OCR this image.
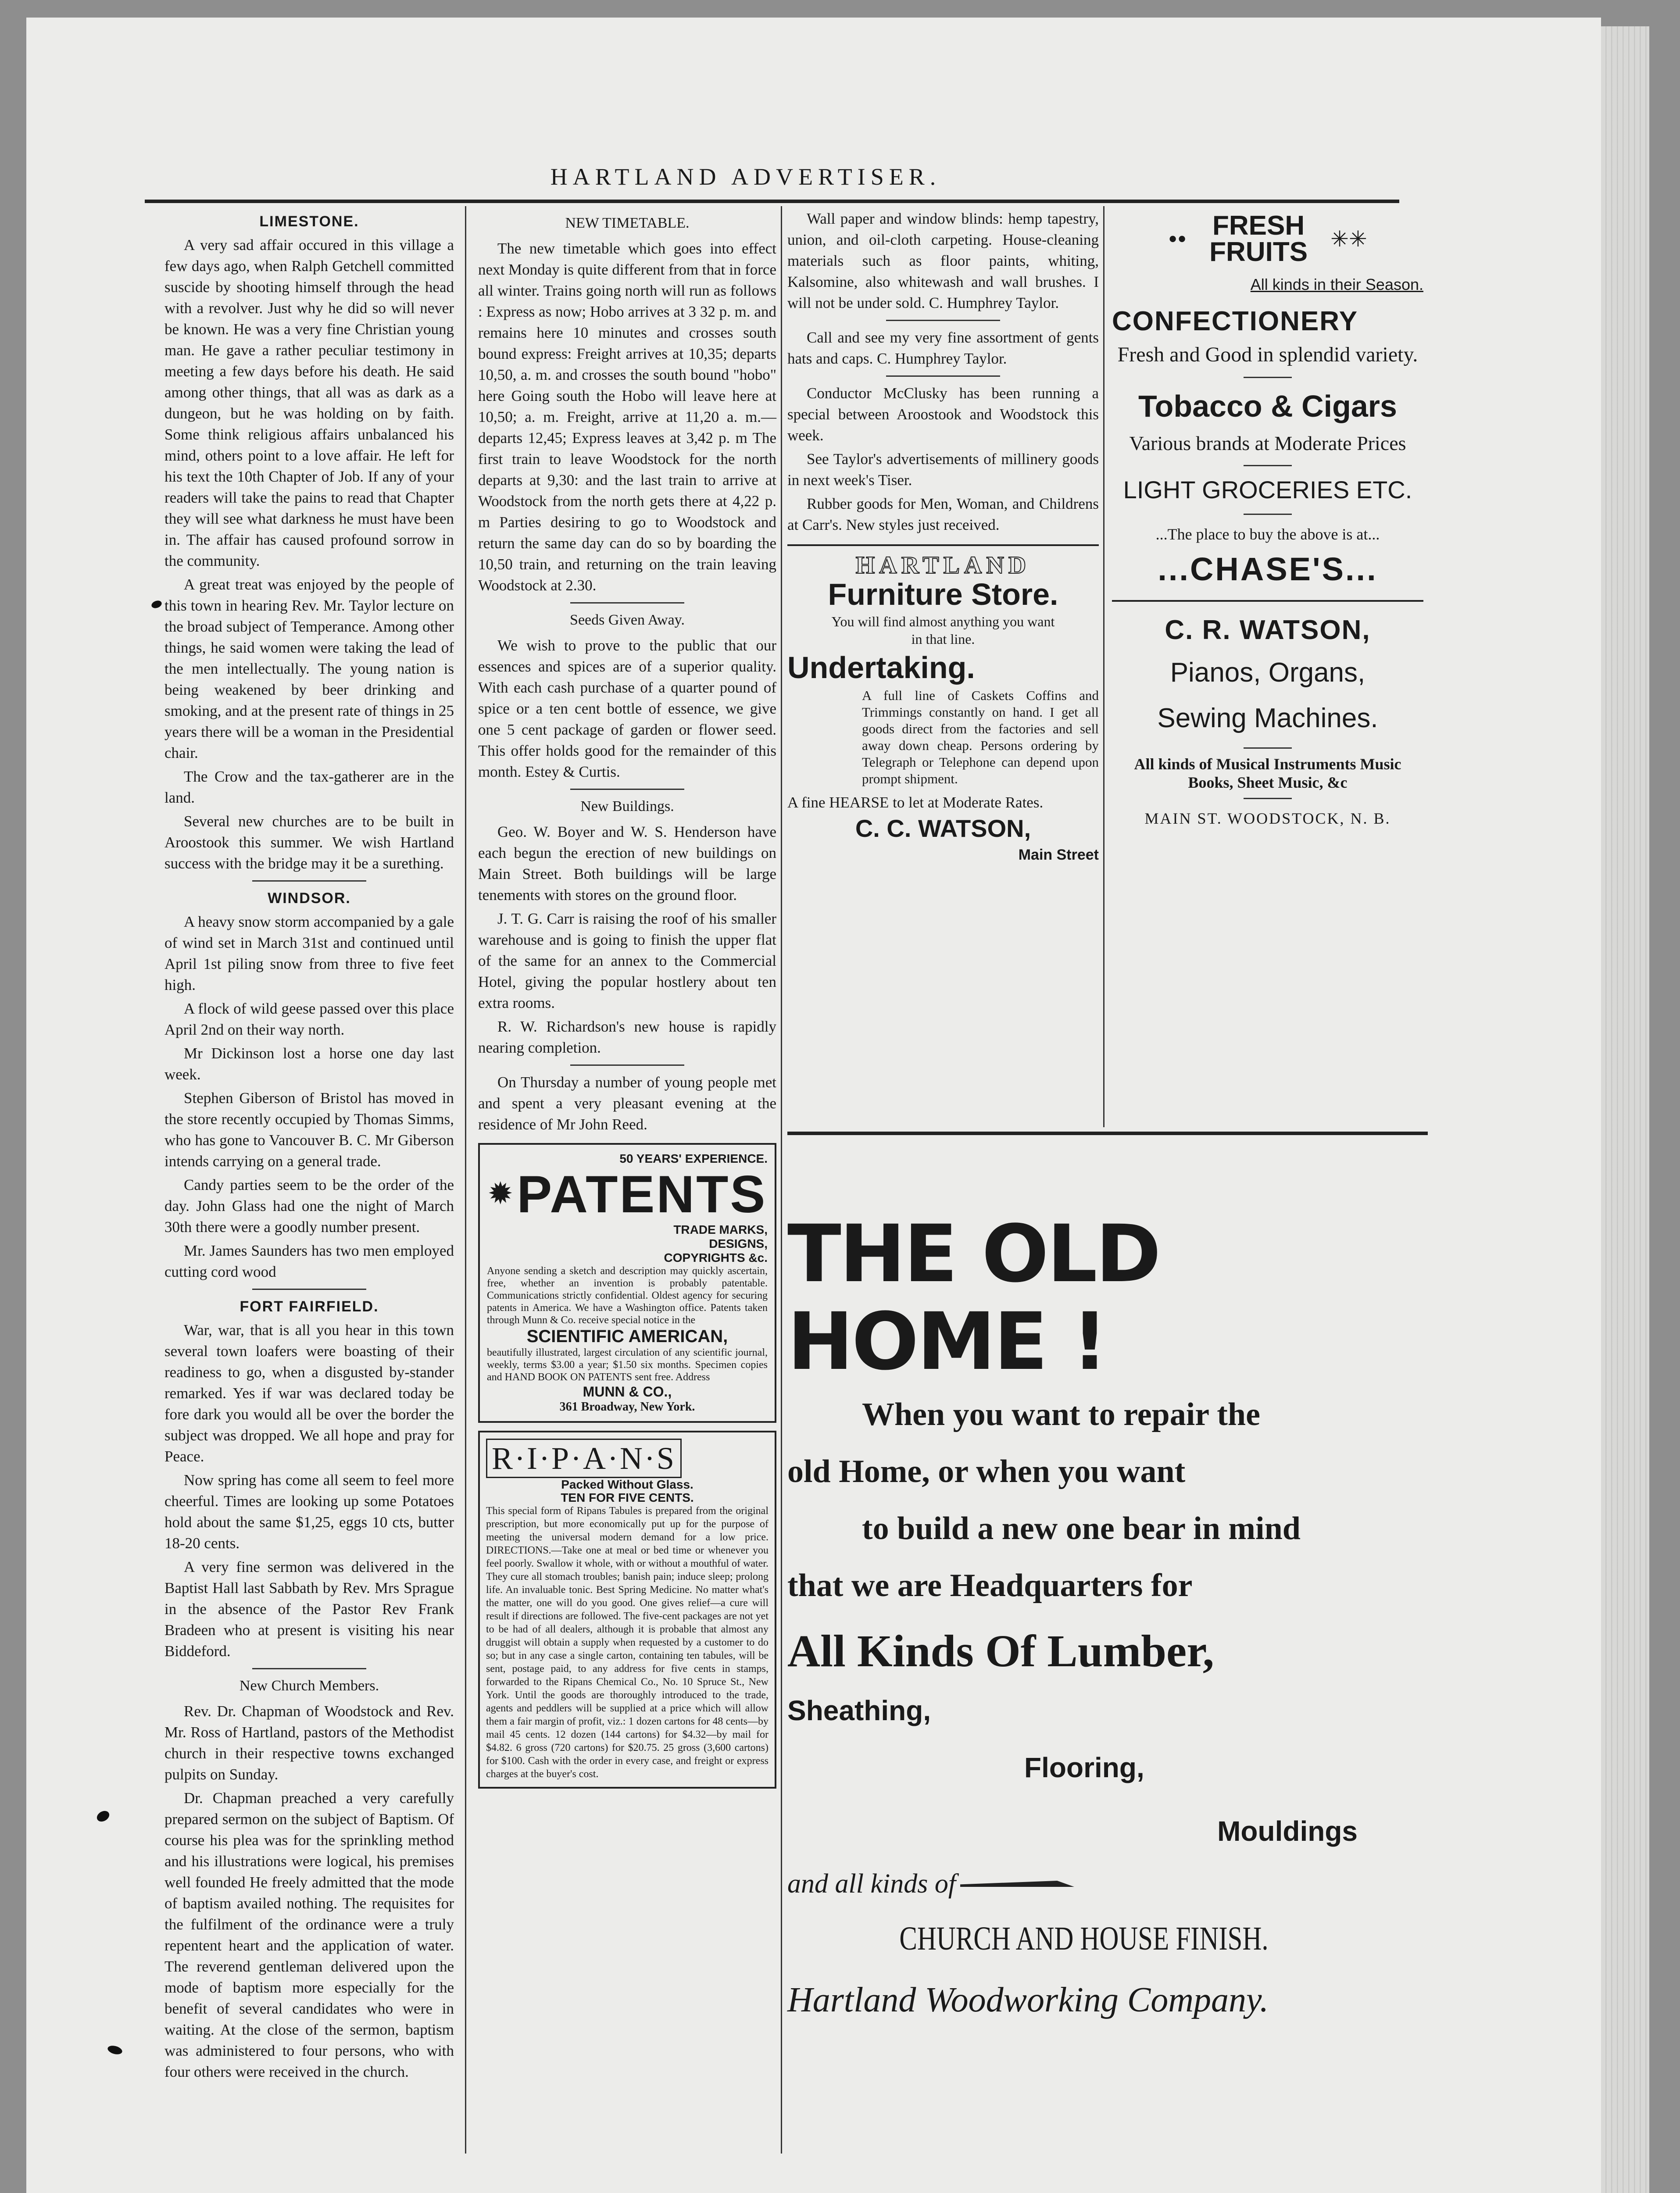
HARTLAND ADVERTISER.
LIMESTONE.

A very sad affair occured in this village a few days ago, when Ralph Getchell committed suscide by shooting himself through the head with a revolver. Just why he did so will never be known. He was a very fine Christian young man. He gave a rather peculiar testimony in meeting a few days before his death. He said among other things, that all was as dark as a dungeon, but he was holding on by faith. Some think religious affairs unbalanced his mind, others point to a love affair. He left for his text the 10th Chapter of Job. If any of your readers will take the pains to read that Chapter they will see what darkness he must have been in. The affair has caused profound sorrow in the community.

A great treat was enjoyed by the people of this town in hearing Rev. Mr. Taylor lecture on the broad subject of Temperance. Among other things, he said women were taking the lead of the men intellectually. The young nation is being weakened by beer drinking and smoking, and at the present rate of things in 25 years there will be a woman in the Presidential chair.

The Crow and the tax-gatherer are in the land.

Several new churches are to be built in Aroostook this summer. We wish Hartland success with the bridge may it be a surething.

WINDSOR.

A heavy snow storm accompanied by a gale of wind set in March 31st and continued until April 1st piling snow from three to five feet high.

A flock of wild geese passed over this place April 2nd on their way north.

Mr Dickinson lost a horse one day last week.

Stephen Giberson of Bristol has moved in the store recently occupied by Thomas Simms, who has gone to Vancouver B. C. Mr Giberson intends carrying on a general trade.

Candy parties seem to be the order of the day. John Glass had one the night of March 30th there were a goodly number present.

Mr. James Saunders has two men employed cutting cord wood

FORT FAIRFIELD.

War, war, that is all you hear in this town several town loafers were boasting of their readiness to go, when a disgusted by-stander remarked. Yes if war was declared today be fore dark you would all be over the border the subject was dropped. We all hope and pray for Peace.

Now spring has come all seem to feel more cheerful. Times are looking up some Potatoes hold about the same $1,25, eggs 10 cts, butter 18-20 cents.

A very fine sermon was delivered in the Baptist Hall last Sabbath by Rev. Mrs Sprague in the absence of the Pastor Rev Frank Bradeen who at present is visiting his near Biddeford.

New Church Members.

Rev. Dr. Chapman of Woodstock and Rev. Mr. Ross of Hartland, pastors of the Methodist church in their respective towns exchanged pulpits on Sunday.

Dr. Chapman preached a very carefully prepared sermon on the subject of Baptism. Of course his plea was for the sprinkling method and his illustrations were logical, his premises well founded He freely admitted that the mode of baptism availed nothing. The requisites for the fulfilment of the ordinance were a truly repentent heart and the application of water. The reverend gentleman delivered upon the mode of baptism more especially for the benefit of several candidates who were in waiting. At the close of the sermon, baptism was administered to four persons, who with four others were received in the church.

NEW TIMETABLE.

The new timetable which goes into effect next Monday is quite different from that in force all winter. Trains going north will run as follows : Express as now; Hobo arrives at 3 32 p. m. and remains here 10 minutes and crosses south bound express: Freight arrives at 10,35; departs 10,50, a. m. and crosses the south bound "hobo" here Going south the Hobo will leave here at 10,50; a. m. Freight, arrive at 11,20 a. m.—departs 12,45; Express leaves at 3,42 p. m The first train to leave Woodstock for the north departs at 9,30: and the last train to arrive at Woodstock from the north gets there at 4,22 p. m Parties desiring to go to Woodstock and return the same day can do so by boarding the 10,50 train, and returning on the train leaving Woodstock at 2.30.

Seeds Given Away.

We wish to prove to the public that our essences and spices are of a superior quality. With each cash purchase of a quarter pound of spice or a ten cent bottle of essence, we give one 5 cent package of garden or flower seed. This offer holds good for the remainder of this month. Estey & Curtis.

New Buildings.

Geo. W. Boyer and W. S. Henderson have each begun the erection of new buildings on Main Street. Both buildings will be large tenements with stores on the ground floor.

J. T. G. Carr is raising the roof of his smaller warehouse and is going to finish the upper flat of the same for an annex to the Commercial Hotel, giving the popular hostlery about ten extra rooms.

R. W. Richardson's new house is rapidly nearing completion.

On Thursday a number of young people met and spent a very pleasant evening at the residence of Mr John Reed.

50 YEARS' EXPERIENCE.
✹ PATENTS
TRADE MARKS,
DESIGNS,
COPYRIGHTS &c.
Anyone sending a sketch and description may quickly ascertain, free, whether an invention is probably patentable. Communications strictly confidential. Oldest agency for securing patents in America. We have a Washington office. Patents taken through Munn & Co. receive special notice in the
SCIENTIFIC AMERICAN,
beautifully illustrated, largest circulation of any scientific journal, weekly, terms $3.00 a year; $1.50 six months. Specimen copies and HAND BOOK ON PATENTS sent free. Address
MUNN & CO.,
361 Broadway, New York.
R·I·P·A·N·S
Packed Without Glass.
TEN FOR FIVE CENTS.
This special form of Ripans Tabules is prepared from the original prescription, but more economically put up for the purpose of meeting the universal modern demand for a low price. DIRECTIONS.—Take one at meal or bed time or whenever you feel poorly. Swallow it whole, with or without a mouthful of water. They cure all stomach troubles; banish pain; induce sleep; prolong life. An invaluable tonic. Best Spring Medicine. No matter what's the matter, one will do you good. One gives relief—a cure will result if directions are followed. The five-cent packages are not yet to be had of all dealers, although it is probable that almost any druggist will obtain a supply when requested by a customer to do so; but in any case a single carton, containing ten tabules, will be sent, postage paid, to any address for five cents in stamps, forwarded to the Ripans Chemical Co., No. 10 Spruce St., New York. Until the goods are thoroughly introduced to the trade, agents and peddlers will be supplied at a price which will allow them a fair margin of profit, viz.: 1 dozen cartons for 48 cents—by mail 45 cents. 12 dozen (144 cartons) for $4.32—by mail for $4.82. 6 gross (720 cartons) for $20.75. 25 gross (3,600 cartons) for $100. Cash with the order in every case, and freight or express charges at the buyer's cost.

Wall paper and window blinds: hemp tapestry, union, and oil-cloth carpeting. House-cleaning materials such as floor paints, whiting, Kalsomine, also whitewash and wall brushes. I will not be under sold. C. Humphrey Taylor.

Call and see my very fine assortment of gents hats and caps. C. Humphrey Taylor.

Conductor McClusky has been running a special between Aroostook and Woodstock this week.

See Taylor's advertisements of millinery goods in next week's Tiser.

Rubber goods for Men, Woman, and Childrens at Carr's. New styles just received.

HARTLAND
Furniture Store.
You will find almost anything you want in that line.
Undertaking.
A full line of Caskets Coffins and Trimmings constantly on hand. I get all goods direct from the factories and sell away down cheap. Persons ordering by Telegraph or Telephone can depend upon prompt shipment.
A fine HEARSE to let at Moderate Rates.
C. C. WATSON,
Main Street
•• FRESH FRUITS	✳✳
All kinds in their Season.
CONFECTIONERY
Fresh and Good in splendid variety.
Tobacco & Cigars
Various brands at Moderate Prices
LIGHT GROCERIES ETC.
...The place to buy the above is at...
...CHASE'S...
C. R. WATSON,
Pianos, Organs, Sewing Machines.
All kinds of Musical Instruments Music Books, Sheet Music, &c
MAIN ST. WOODSTOCK, N. B.
THE OLD HOME !
When you want to repair the
old Home, or when you want
to build a new one bear in mind
that we are Headquarters for
All Kinds Of Lumber,
Sheathing,
Flooring,
Mouldings
and all kinds of
CHURCH AND HOUSE FINISH.
Hartland Woodworking Company.
